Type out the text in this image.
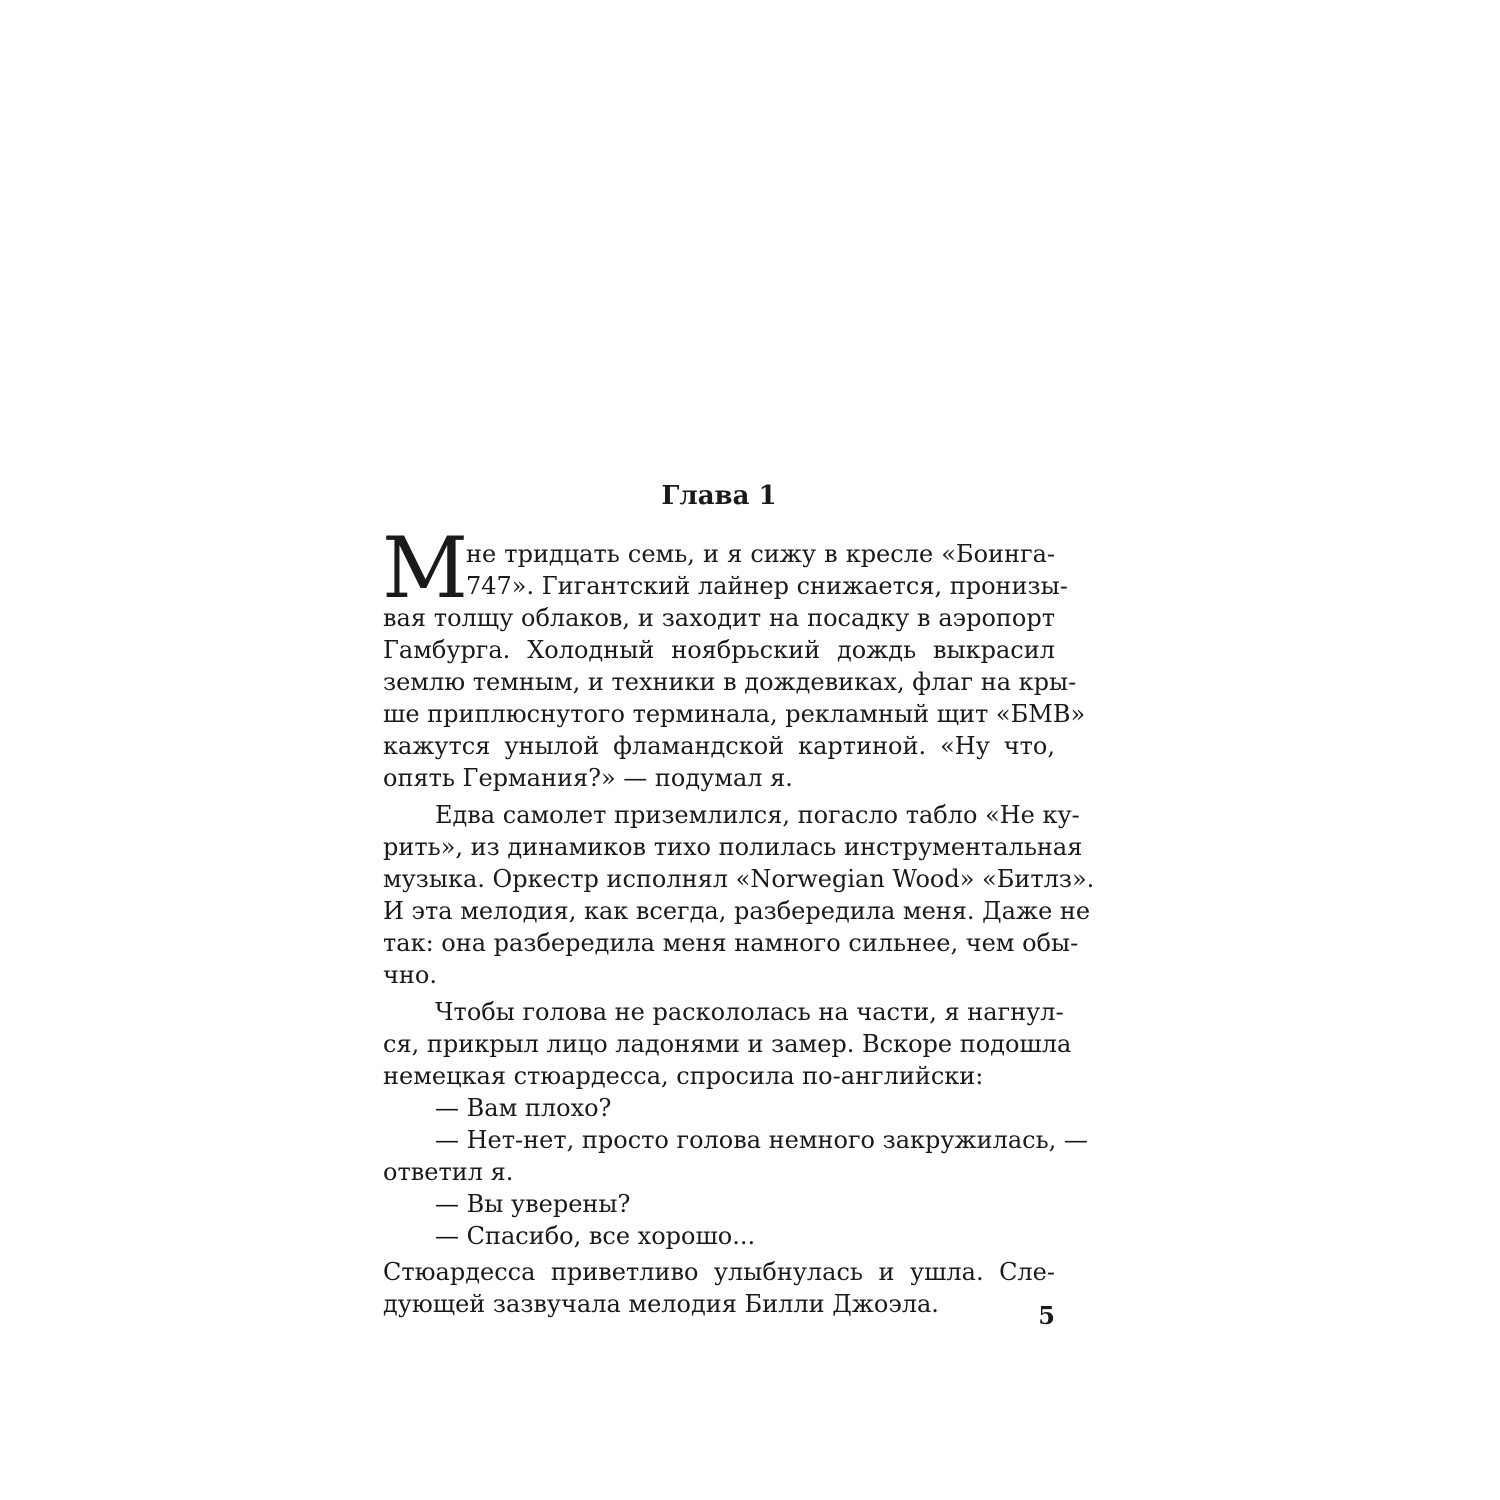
Глава 1
М
не тридцать семь, и я сижу в кресле «Боинга-
747». Гигантский лайнер снижается, пронизы-
вая толщу облаков, и заходит на посадку в аэропорт
Гамбурга. Холодный ноябрьский дождь выкрасил
землю темным, и техники в дождевиках, флаг на кры-
ше приплюснутого терминала, рекламный щит «БМВ»
кажутся унылой фламандской картиной. «Ну что,
опять Германия?» — подумал я.
Едва самолет приземлился, погасло табло «Не ку-
рить», из динамиков тихо полилась инструментальная
музыка. Оркестр исполнял «Norwegian Wood» «Битлз».
И эта мелодия, как всегда, разбередила меня. Даже не
так: она разбередила меня намного сильнее, чем обы-
чно.
Чтобы голова не раскололась на части, я нагнул-
ся, прикрыл лицо ладонями и замер. Вскоре подошла
немецкая стюардесса, спросила по-английски:
— Вам плохо?
— Нет-нет, просто голова немного закружилась, —
ответил я.
— Вы уверены?
— Спасибо, все хорошо...
Стюардесса приветливо улыбнулась и ушла. Сле-
дующей зазвучала мелодия Билли Джоэла.	5
